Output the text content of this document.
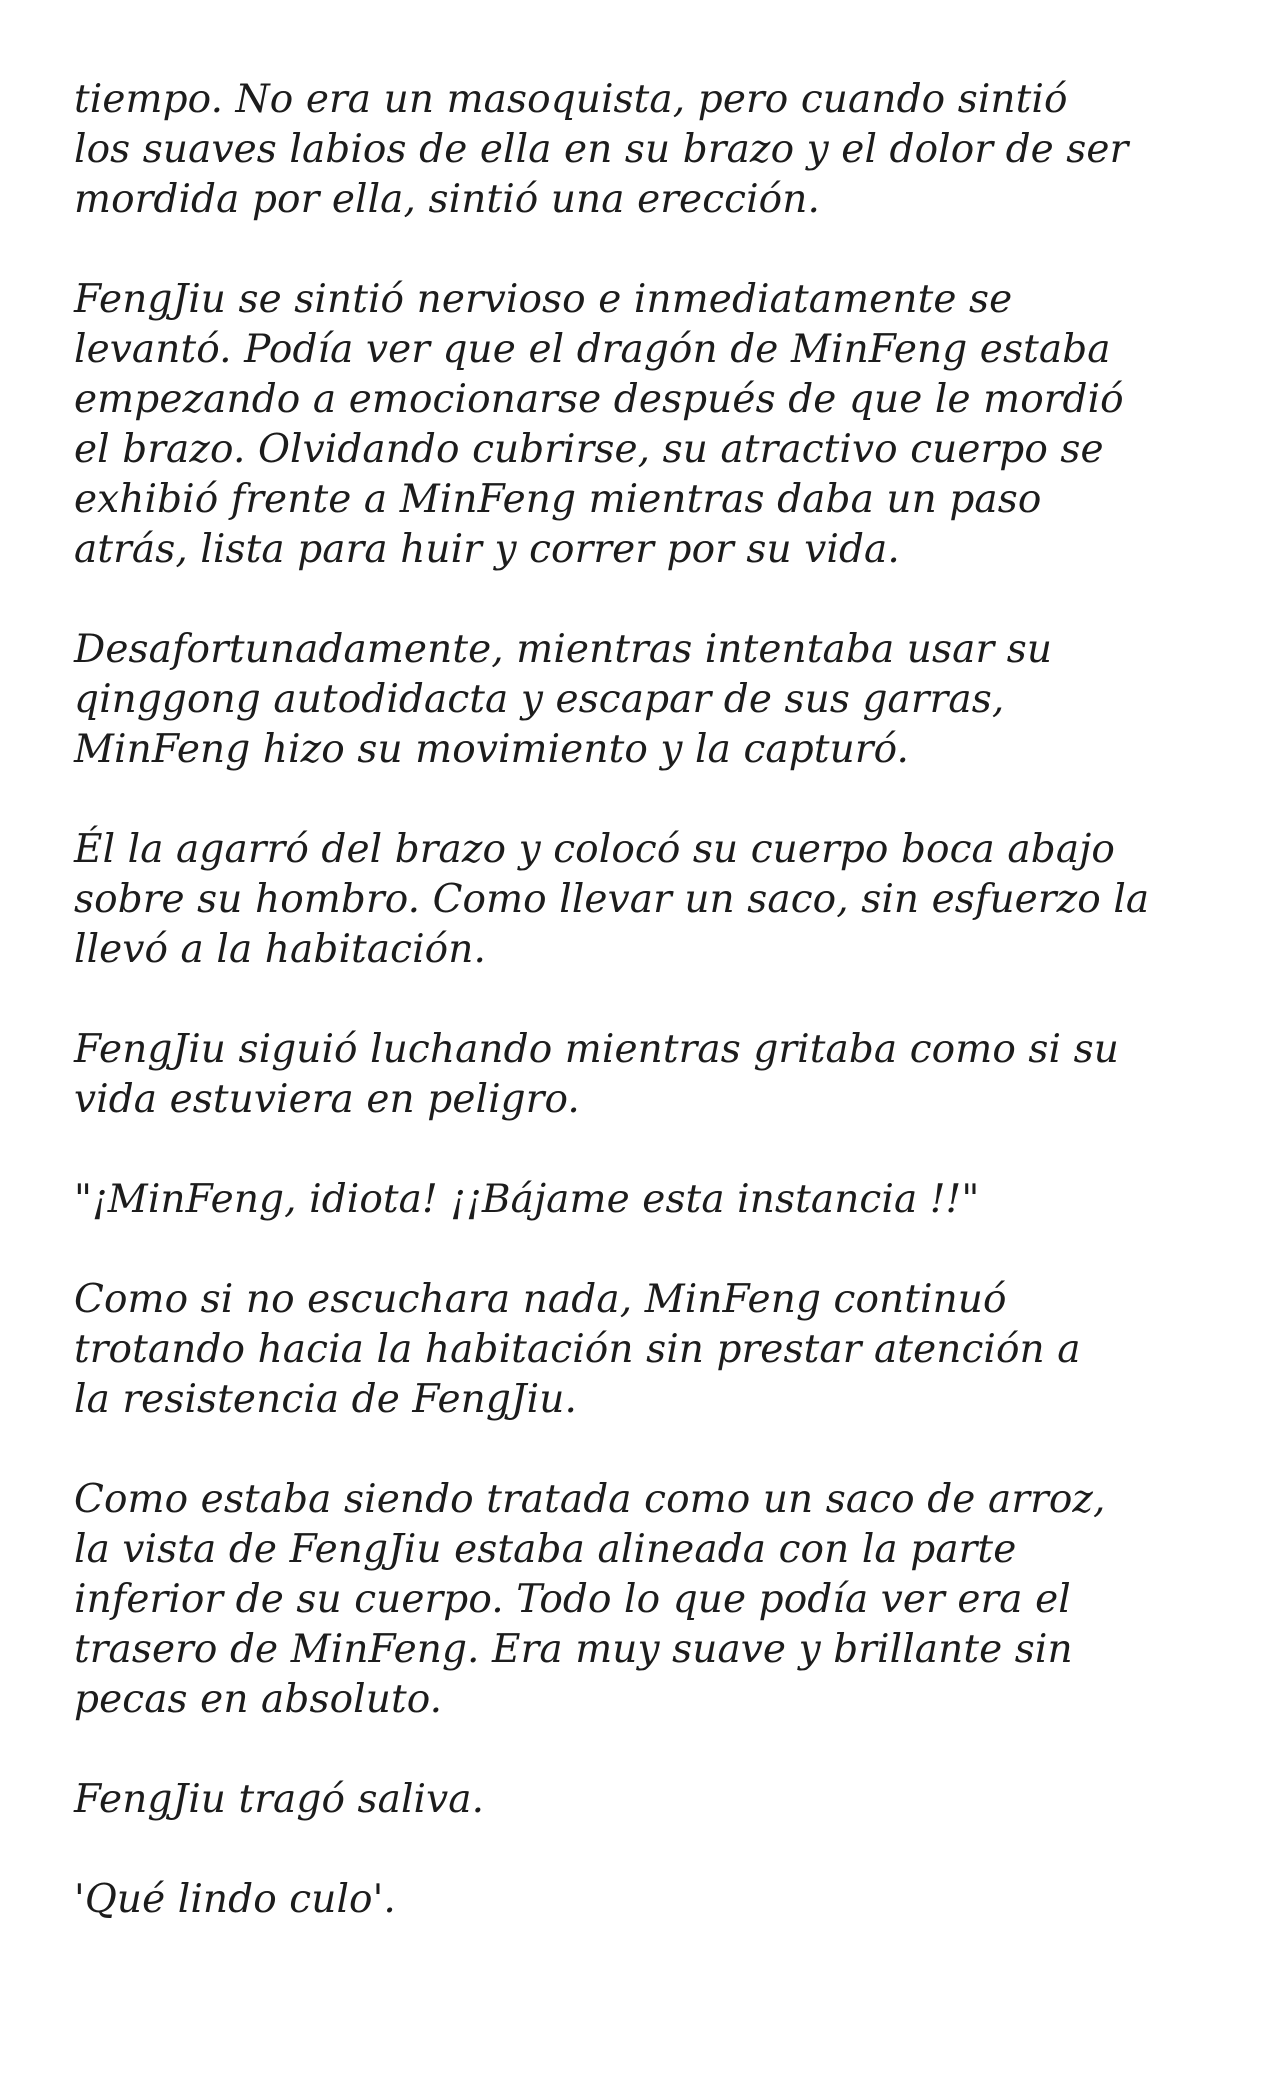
tiempo. No era un masoquista, pero cuando sintió
los suaves labios de ella en su brazo y el dolor de ser
mordida por ella, sintió una erección.

FengJiu se sintió nervioso e inmediatamente se
levantó. Podía ver que el dragón de MinFeng estaba
empezando a emocionarse después de que le mordió
el brazo. Olvidando cubrirse, su atractivo cuerpo se
exhibió frente a MinFeng mientras daba un paso
atrás, lista para huir y correr por su vida.

Desafortunadamente, mientras intentaba usar su
qinggong autodidacta y escapar de sus garras,
MinFeng hizo su movimiento y la capturó.

Él la agarró del brazo y colocó su cuerpo boca abajo
sobre su hombro. Como llevar un saco, sin esfuerzo la
llevó a la habitación.

FengJiu siguió luchando mientras gritaba como si su
vida estuviera en peligro.

"¡MinFeng, idiota! ¡¡Bájame esta instancia !!"

Como si no escuchara nada, MinFeng continuó
trotando hacia la habitación sin prestar atención a
la resistencia de FengJiu.

Como estaba siendo tratada como un saco de arroz,
la vista de FengJiu estaba alineada con la parte
inferior de su cuerpo. Todo lo que podía ver era el
trasero de MinFeng. Era muy suave y brillante sin
pecas en absoluto.

FengJiu tragó saliva.

'Qué lindo culo'.
